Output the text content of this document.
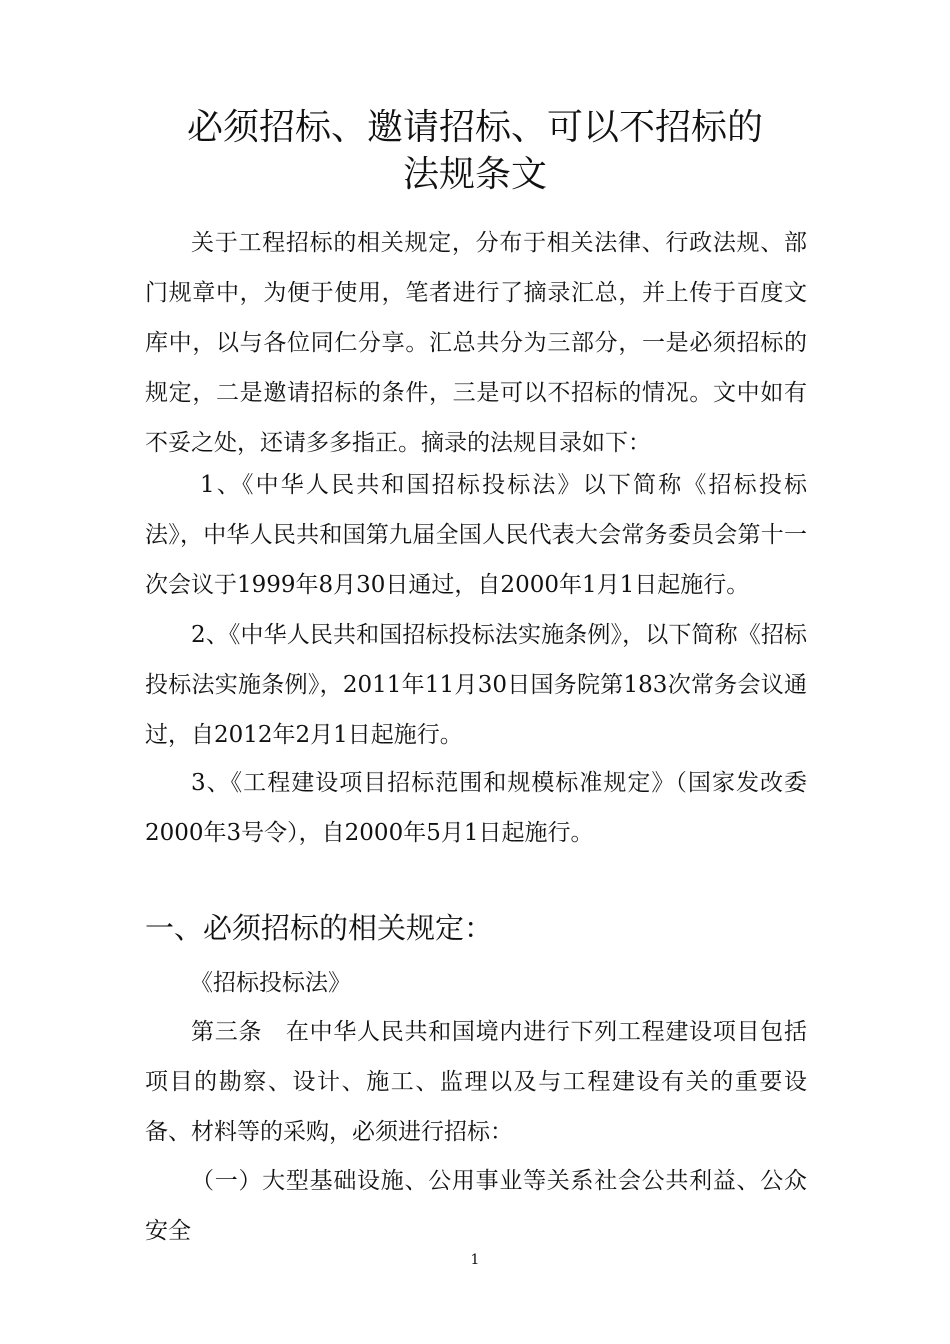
必须招标、邀请招标、可以不招标的
法规条文

关于工程招标的相关规定，分布于相关法律、行政法规、部门规章中，为便于使用，笔者进行了摘录汇总，并上传于百度文库中，以与各位同仁分享。汇总共分为三部分，一是必须招标的规定，二是邀请招标的条件，三是可以不招标的情况。文中如有不妥之处，还请多多指正。摘录的法规目录如下：

1、《中华人民共和国招标投标法》以下简称《招标投标法》，中华人民共和国第九届全国人民代表大会常务委员会第十一次会议于1999年8月30日通过，自2000年1月1日起施行。

2、《中华人民共和国招标投标法实施条例》，以下简称《招标投标法实施条例》，2011年11月30日国务院第183次常务会议通过，自2012年2月1日起施行。

3、《工程建设项目招标范围和规模标准规定》（国家发改委2000年3号令），自2000年5月1日起施行。

一、必须招标的相关规定：
《招标投标法》

第三条　在中华人民共和国境内进行下列工程建设项目包括项目的勘察、设计、施工、监理以及与工程建设有关的重要设备、材料等的采购，必须进行招标：

（一）大型基础设施、公用事业等关系社会公共利益、公众安全

1
